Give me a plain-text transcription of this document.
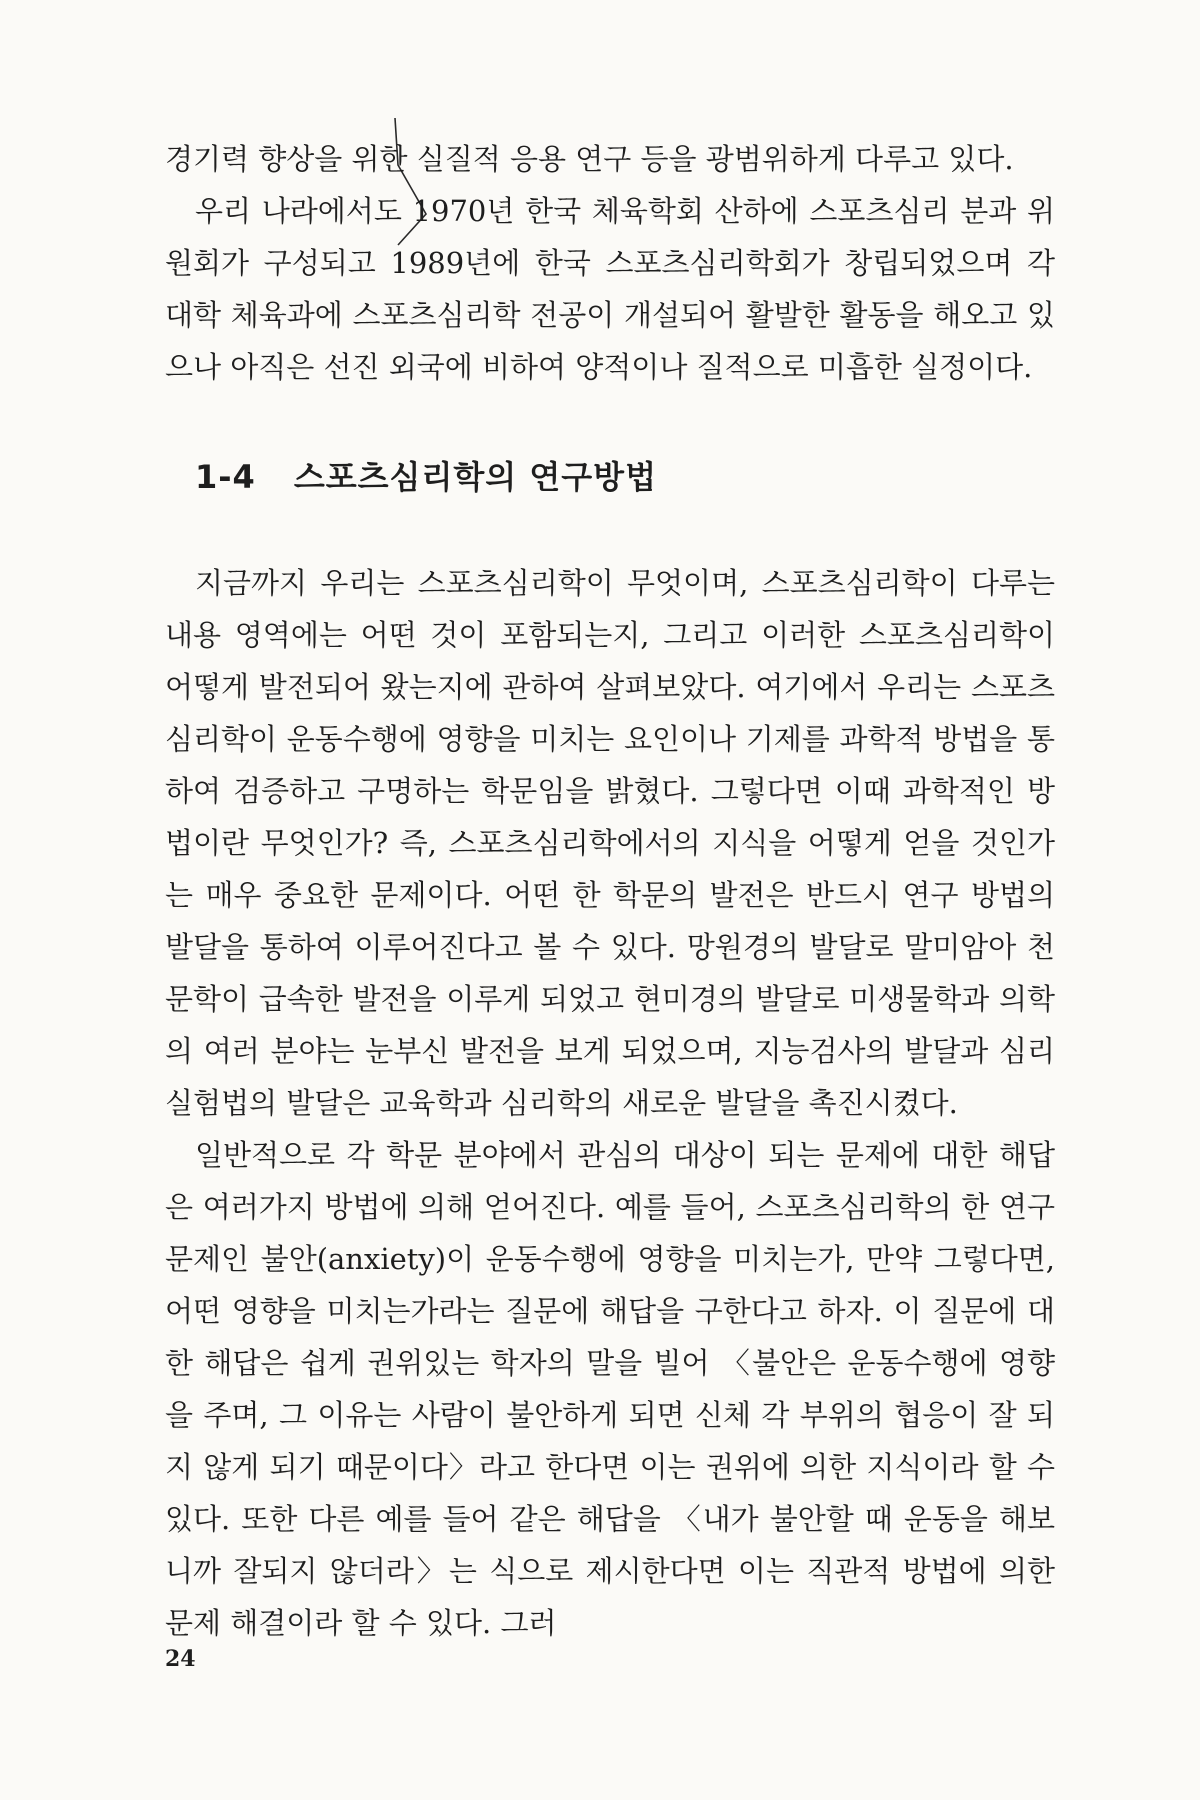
경기력 향상을 위한 실질적 응용 연구 등을 광범위하게 다루고 있다.

우리 나라에서도 1970년 한국 체육학회 산하에 스포츠심리 분과 위원회가 구성되고 1989년에 한국 스포츠심리학회가 창립되었으며 각 대학 체육과에 스포츠심리학 전공이 개설되어 활발한 활동을 해오고 있으나 아직은 선진 외국에 비하여 양적이나 질적으로 미흡한 실정이다.

1-4 스포츠심리학의 연구방법

지금까지 우리는 스포츠심리학이 무엇이며, 스포츠심리학이 다루는 내용 영역에는 어떤 것이 포함되는지, 그리고 이러한 스포츠심리학이 어떻게 발전되어 왔는지에 관하여 살펴보았다. 여기에서 우리는 스포츠심리학이 운동수행에 영향을 미치는 요인이나 기제를 과학적 방법을 통하여 검증하고 구명하는 학문임을 밝혔다. 그렇다면 이때 과학적인 방법이란 무엇인가? 즉, 스포츠심리학에서의 지식을 어떻게 얻을 것인가는 매우 중요한 문제이다. 어떤 한 학문의 발전은 반드시 연구 방법의 발달을 통하여 이루어진다고 볼 수 있다. 망원경의 발달로 말미암아 천문학이 급속한 발전을 이루게 되었고 현미경의 발달로 미생물학과 의학의 여러 분야는 눈부신 발전을 보게 되었으며, 지능검사의 발달과 심리 실험법의 발달은 교육학과 심리학의 새로운 발달을 촉진시켰다.

일반적으로 각 학문 분야에서 관심의 대상이 되는 문제에 대한 해답은 여러가지 방법에 의해 얻어진다. 예를 들어, 스포츠심리학의 한 연구 문제인 불안(anxiety)이 운동수행에 영향을 미치는가, 만약 그렇다면, 어떤 영향을 미치는가라는 질문에 해답을 구한다고 하자. 이 질문에 대한 해답은 쉽게 권위있는 학자의 말을 빌어 〈불안은 운동수행에 영향을 주며, 그 이유는 사람이 불안하게 되면 신체 각 부위의 협응이 잘 되지 않게 되기 때문이다〉라고 한다면 이는 권위에 의한 지식이라 할 수 있다. 또한 다른 예를 들어 같은 해답을 〈내가 불안할 때 운동을 해보니까 잘되지 않더라〉는 식으로 제시한다면 이는 직관적 방법에 의한 문제 해결이라 할 수 있다. 그러

24
